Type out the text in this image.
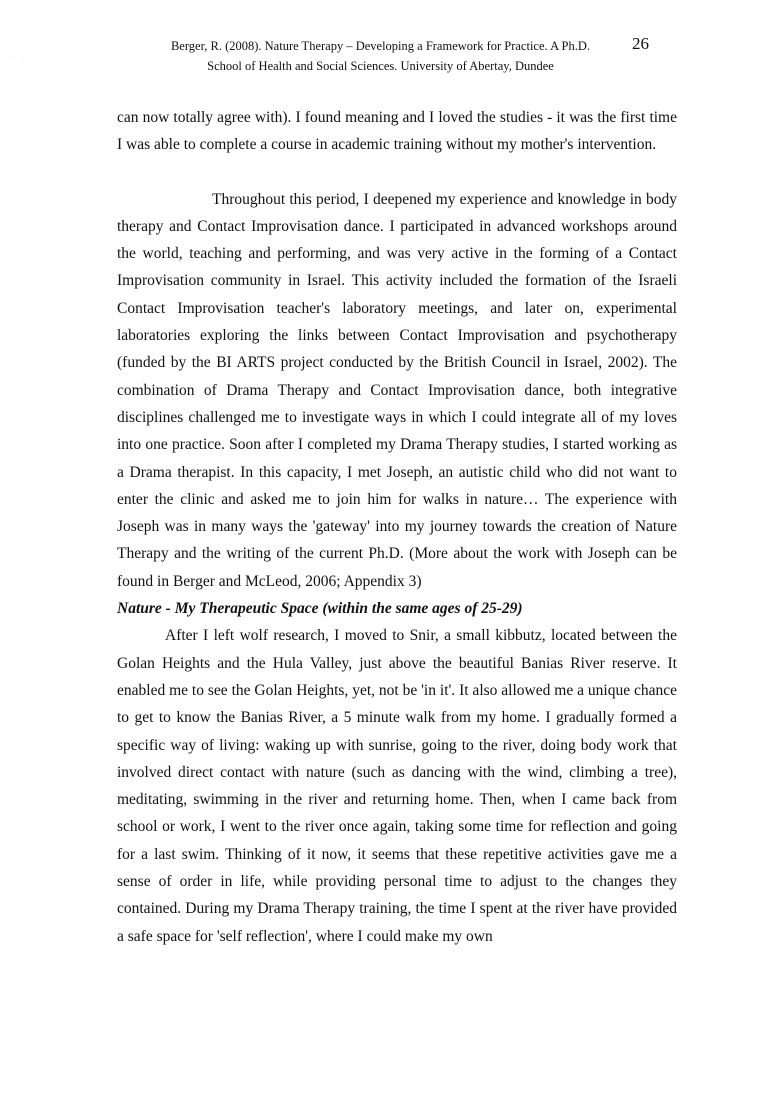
· ·
Berger, R. (2008). Nature Therapy – Developing a Framework for Practice. A Ph.D.
School of Health and Social Sciences. University of Abertay, Dundee
26

can now totally agree with). I found meaning and I loved the studies - it was the first time I was able to complete a course in academic training without my mother's intervention.

Throughout this period, I deepened my experience and knowledge in body therapy and Contact Improvisation dance. I participated in advanced workshops around the world, teaching and performing, and was very active in the forming of a Contact Improvisation community in Israel. This activity included the formation of the Israeli Contact Improvisation teacher's laboratory meetings, and later on, experimental laboratories exploring the links between Contact Improvisation and psychotherapy (funded by the BI ARTS project conducted by the British Council in Israel, 2002). The combination of Drama Therapy and Contact Improvisation dance, both integrative disciplines challenged me to investigate ways in which I could integrate all of my loves into one practice. Soon after I completed my Drama Therapy studies, I started working as a Drama therapist. In this capacity, I met Joseph, an autistic child who did not want to enter the clinic and asked me to join him for walks in nature… The experience with Joseph was in many ways the 'gateway' into my journey towards the creation of Nature Therapy and the writing of the current Ph.D. (More about the work with Joseph can be found in Berger and McLeod, 2006; Appendix 3)

Nature - My Therapeutic Space (within the same ages of 25-29)

After I left wolf research, I moved to Snir, a small kibbutz, located between the Golan Heights and the Hula Valley, just above the beautiful Banias River reserve. It enabled me to see the Golan Heights, yet, not be 'in it'. It also allowed me a unique chance to get to know the Banias River, a 5 minute walk from my home. I gradually formed a specific way of living: waking up with sunrise, going to the river, doing body work that involved direct contact with nature (such as dancing with the wind, climbing a tree), meditating, swimming in the river and returning home. Then, when I came back from school or work, I went to the river once again, taking some time for reflection and going for a last swim. Thinking of it now, it seems that these repetitive activities gave me a sense of order in life, while providing personal time to adjust to the changes they contained. During my Drama Therapy training, the time I spent at the river have provided a safe space for 'self reflection', where I could make my own
